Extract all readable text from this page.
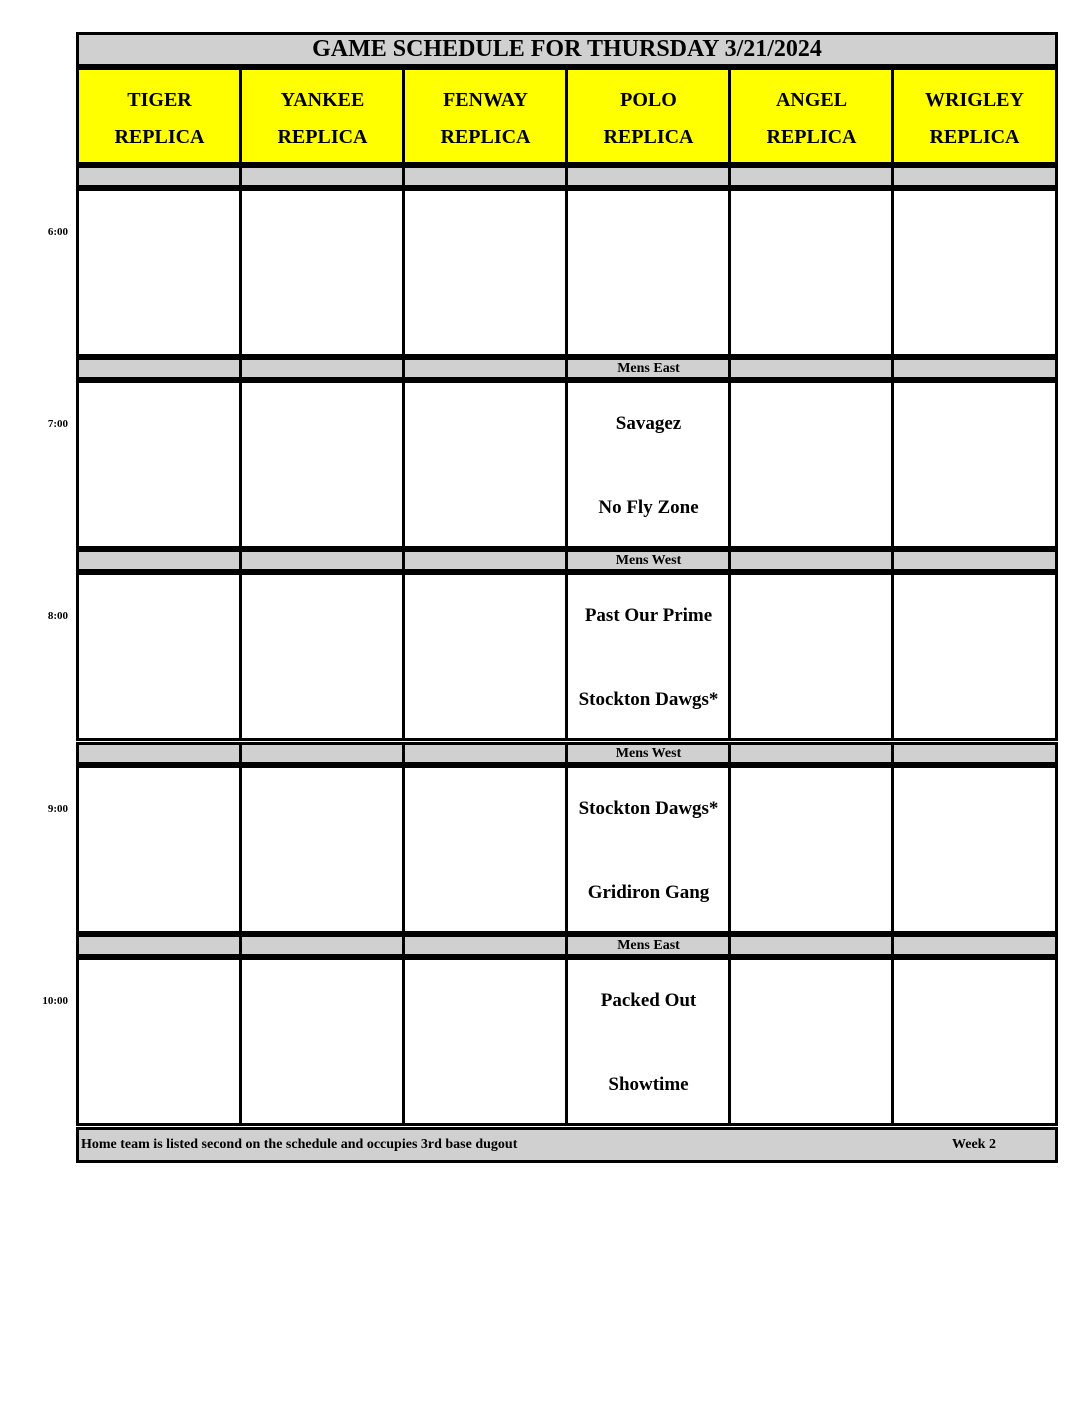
GAME SCHEDULE FOR THURSDAY 3/21/2024
Home team is listed second on the schedule and occupies 3rd base dugout	Week 2
TIGER
REPLICA
YANKEE
REPLICA
FENWAY
REPLICA
POLO
REPLICA
ANGEL
REPLICA
WRIGLEY
REPLICA
6:00
7:00
Mens East
Savagez
No Fly Zone
8:00
Mens West
Past Our Prime
Stockton Dawgs*
9:00
Mens West
Stockton Dawgs*
Gridiron Gang
10:00
Mens East
Packed Out
Showtime
